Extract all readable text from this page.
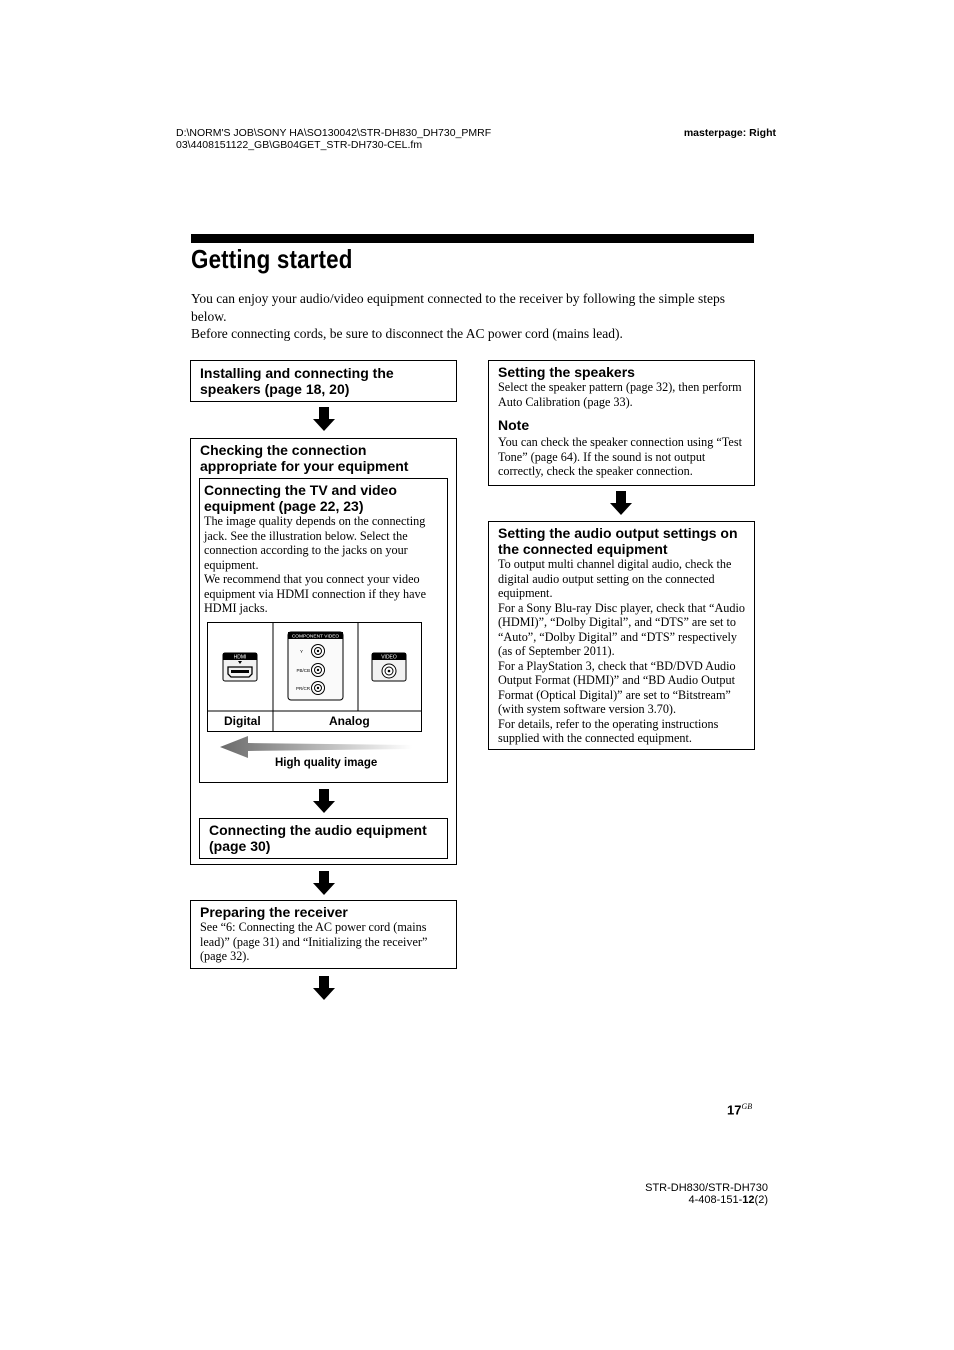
D:\NORM'S JOB\SONY HA\SO130042\STR-DH830_DH730_PMRF
03\4408151122_GB\GB04GET_STR-DH730-CEL.fm
masterpage: Right
Getting started
You can enjoy your audio/video equipment connected to the receiver by following the simple steps below.
Before connecting cords, be sure to disconnect the AC power cord (mains lead).
Installing and connecting the speakers (page 18, 20)
Checking the connection appropriate for your equipment
Connecting the TV and video equipment (page 22, 23)

The image quality depends on the connecting jack. See the illustration below. Select the connection according to the jacks on your equipment.

We recommend that you connect your video equipment via HDMI connection if they have HDMI jacks.

HDMI
COMPONENT VIDEO
Y
PB/CB
PR/CR
VIDEO
Digital	Analog
High quality image
Connecting the audio equipment (page 30)
Preparing the receiver

See “6: Connecting the AC power cord (mains lead)” (page 31) and “Initializing the receiver” (page 32).

Setting the speakers

Select the speaker pattern (page 32), then perform Auto Calibration (page 33).

Note

You can check the speaker connection using “Test Tone” (page 64). If the sound is not output correctly, check the speaker connection.

Setting the audio output settings on the connected equipment

To output multi channel digital audio, check the digital audio output setting on the connected equipment.

For a Sony Blu-ray Disc player, check that “Audio (HDMI)”, “Dolby Digital”, and “DTS” are set to “Auto”, “Dolby Digital” and “DTS” respectively (as of September 2011).

For a PlayStation 3, check that “BD/DVD Audio Output Format (HDMI)” and “BD Audio Output Format (Optical Digital)” are set to “Bitstream” (with system software version 3.70).

For details, refer to the operating instructions supplied with the connected equipment.

$17^{GB}$
STR-DH830/STR-DH730
4-408-151-12(2)
